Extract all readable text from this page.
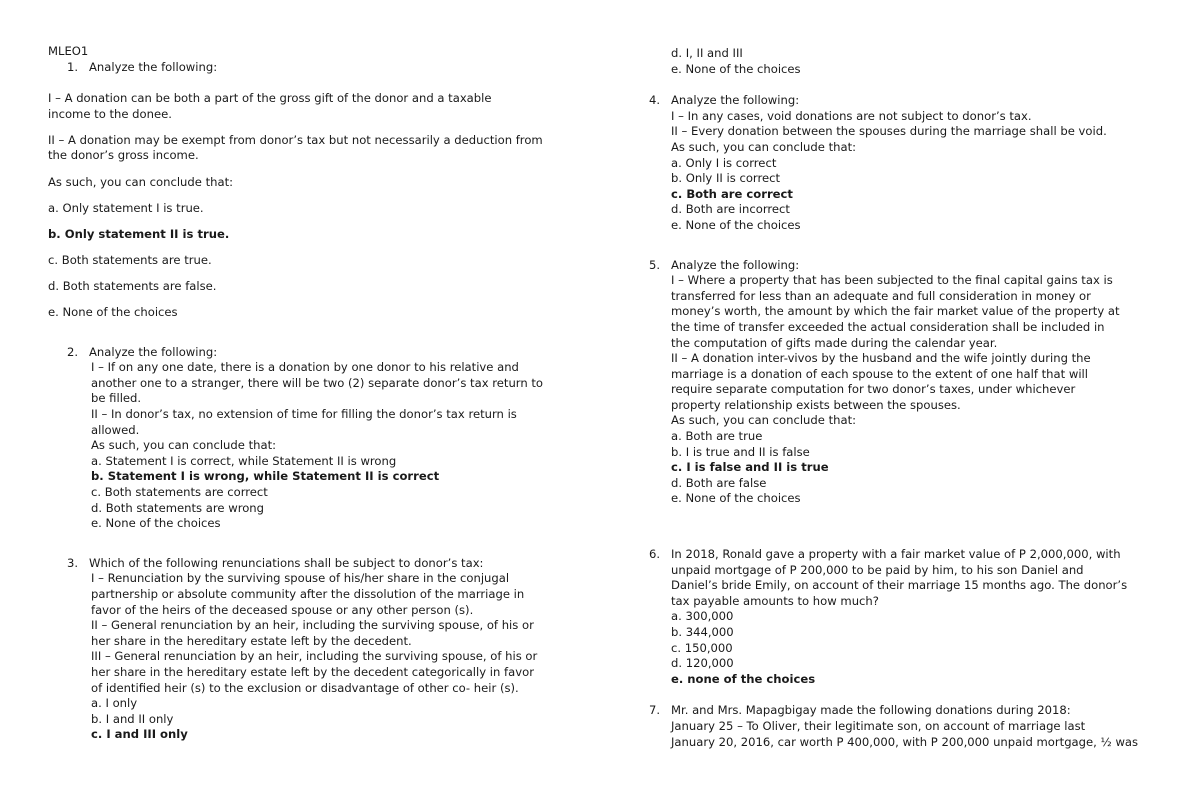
MLEO1
1. Analyze the following:
I – A donation can be both a part of the gross gift of the donor and a taxable
income to the donee.
II – A donation may be exempt from donor’s tax but not necessarily a deduction from
the donor’s gross income.
As such, you can conclude that:
a. Only statement I is true.
b. Only statement II is true.
c. Both statements are true.
d. Both statements are false.
e. None of the choices
2. Analyze the following:
I – If on any one date, there is a donation by one donor to his relative and
another one to a stranger, there will be two (2) separate donor’s tax return to
be filled.
II – In donor’s tax, no extension of time for filling the donor’s tax return is
allowed.
As such, you can conclude that:
a. Statement I is correct, while Statement II is wrong
b. Statement I is wrong, while Statement II is correct
c. Both statements are correct
d. Both statements are wrong
e. None of the choices
3. Which of the following renunciations shall be subject to donor’s tax:
I – Renunciation by the surviving spouse of his/her share in the conjugal
partnership or absolute community after the dissolution of the marriage in
favor of the heirs of the deceased spouse or any other person (s).
II – General renunciation by an heir, including the surviving spouse, of his or
her share in the hereditary estate left by the decedent.
III – General renunciation by an heir, including the surviving spouse, of his or
her share in the hereditary estate left by the decedent categorically in favor
of identified heir (s) to the exclusion or disadvantage of other co- heir (s).
a. I only
b. I and II only
c. I and III only
d. I, II and III
e. None of the choices
4. Analyze the following:
I – In any cases, void donations are not subject to donor’s tax.
II – Every donation between the spouses during the marriage shall be void.
As such, you can conclude that:
a. Only I is correct
b. Only II is correct
c. Both are correct
d. Both are incorrect
e. None of the choices
5. Analyze the following:
I – Where a property that has been subjected to the final capital gains tax is
transferred for less than an adequate and full consideration in money or
money’s worth, the amount by which the fair market value of the property at
the time of transfer exceeded the actual consideration shall be included in
the computation of gifts made during the calendar year.
II – A donation inter-vivos by the husband and the wife jointly during the
marriage is a donation of each spouse to the extent of one half that will
require separate computation for two donor’s taxes, under whichever
property relationship exists between the spouses.
As such, you can conclude that:
a. Both are true
b. I is true and II is false
c. I is false and II is true
d. Both are false
e. None of the choices
6. In 2018, Ronald gave a property with a fair market value of P 2,000,000, with
unpaid mortgage of P 200,000 to be paid by him, to his son Daniel and
Daniel’s bride Emily, on account of their marriage 15 months ago. The donor’s
tax payable amounts to how much?
a. 300,000
b. 344,000
c. 150,000
d. 120,000
e. none of the choices
7. Mr. and Mrs. Mapagbigay made the following donations during 2018:
January 25 – To Oliver, their legitimate son, on account of marriage last
January 20, 2016, car worth P 400,000, with P 200,000 unpaid mortgage, ½ was
